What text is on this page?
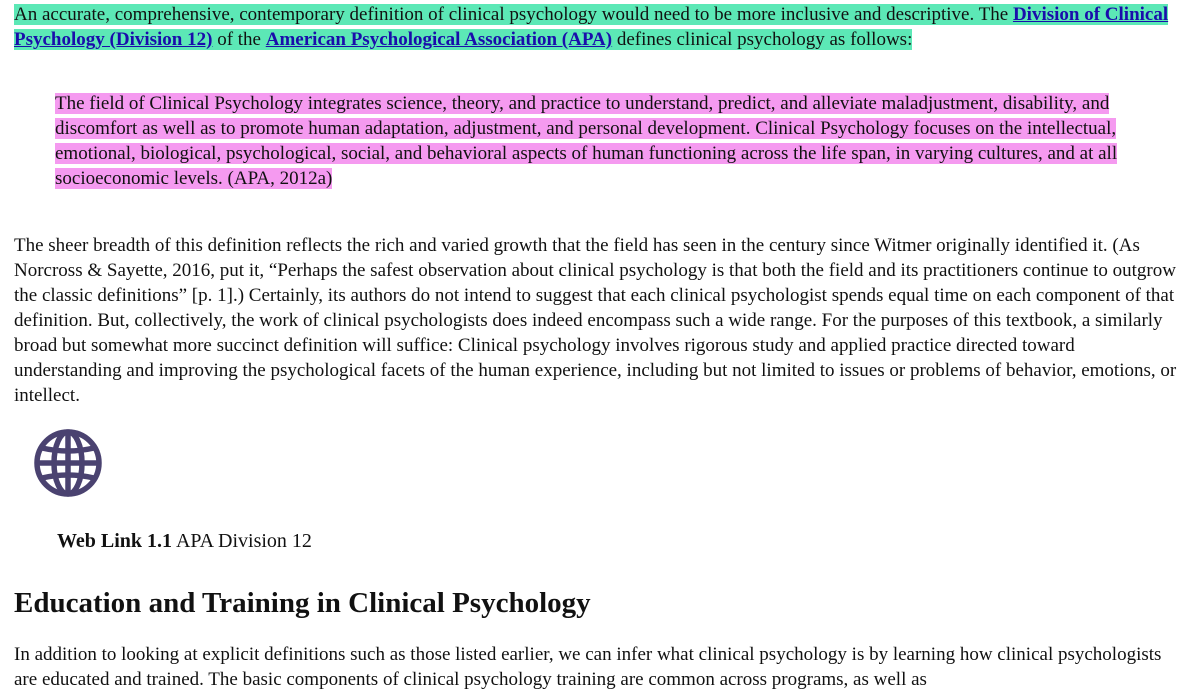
An accurate, comprehensive, contemporary definition of clinical psychology would need to be more inclusive and descriptive. The Division of Clinical Psychology (Division 12) of the American Psychological Association (APA) defines clinical psychology as follows:

The field of Clinical Psychology integrates science, theory, and practice to understand, predict, and alleviate maladjustment, disability, and discomfort as well as to promote human adaptation, adjustment, and personal development. Clinical Psychology focuses on the intellectual, emotional, biological, psychological, social, and behavioral aspects of human functioning across the life span, in varying cultures, and at all socioeconomic levels. (APA, 2012a)

The sheer breadth of this definition reflects the rich and varied growth that the field has seen in the century since Witmer originally identified it. (As Norcross & Sayette, 2016, put it, “Perhaps the safest observation about clinical psychology is that both the field and its practitioners continue to outgrow the classic definitions” [p. 1].) Certainly, its authors do not intend to suggest that each clinical psychologist spends equal time on each component of that definition. But, collectively, the work of clinical psychologists does indeed encompass such a wide range. For the purposes of this textbook, a similarly broad but somewhat more succinct definition will suffice: Clinical psychology involves rigorous study and applied practice directed toward understanding and improving the psychological facets of the human experience, including but not limited to issues or problems of behavior, emotions, or intellect.

Web Link 1.1 APA Division 12
Education and Training in Clinical Psychology

In addition to looking at explicit definitions such as those listed earlier, we can infer what clinical psychology is by learning how clinical psychologists are educated and trained. The basic components of clinical psychology training are common across programs, as well as
